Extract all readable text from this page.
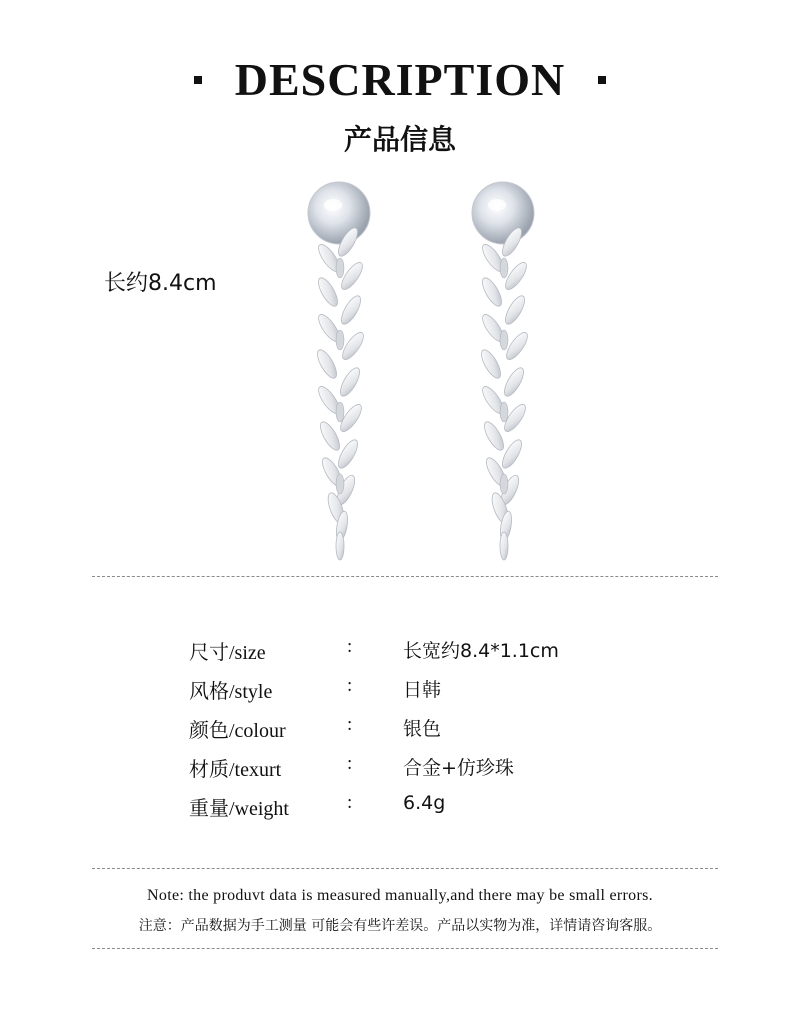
DESCRIPTION
产品信息
长约8.4cm
尺寸/size	:	长宽约8.4*1.1cm
风格/style	:	日韩
颜色/colour	:	银色
材质/texurt	:	合金+仿珍珠
重量/weight	:	6.4g
Note: the produvt data is measured manually,and there may be small errors.
注意：产品数据为手工测量 可能会有些许差误。产品以实物为准，详情请咨询客服。
